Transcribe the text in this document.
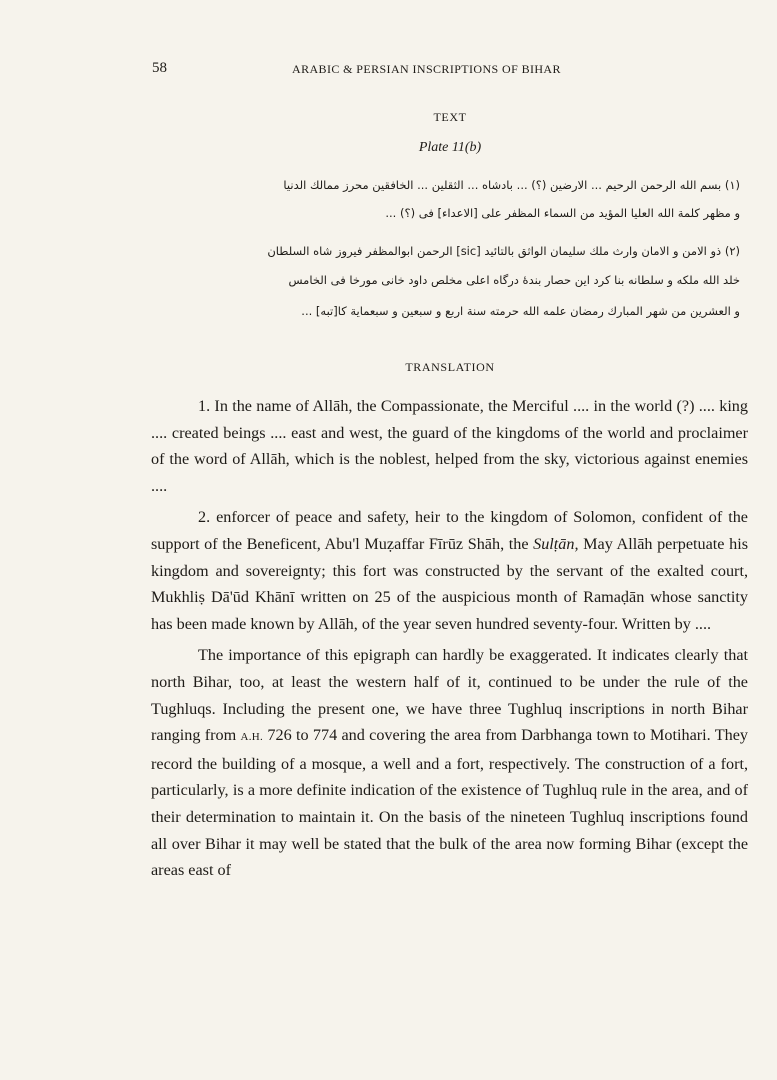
58	ARABIC & PERSIAN INSCRIPTIONS OF BIHAR
TEXT
Plate 11(b)
(١) بسم الله الرحمن الرحيم ... الارضين (؟) ... بادشاه ... الثقلين ... الخافقين محرز ممالك الدنيا
و مظهر كلمة الله العليا المؤيد من السماء المظفر على [الاعداء] فى (؟) ...
(٢) ذو الامن و الامان وارث ملك سليمان الواثق بالتائيد [sic] الرحمن ابوالمظفر فيروز شاه السلطان
خلد الله ملكه و سلطانه بنا كرد اين حصار بندهٔ درگاه اعلى مخلص داود خانى مورخا فى الخامس
و العشرين من شهر المبارك رمضان علمه الله حرمته سنة اربع و سبعين و سبعماية كا[تبه] ...
TRANSLATION

1. In the name of Allāh, the Compassionate, the Merciful .... in the world (?) .... king .... created beings .... east and west, the guard of the kingdoms of the world and proclaimer of the word of Allāh, which is the noblest, helped from the sky, victorious against enemies ....

2. enforcer of peace and safety, heir to the kingdom of Solomon, confident of the support of the Beneficent, Abu'l Muẓaffar Fīrūz Shāh, the Sulṭān, May Allāh perpetuate his kingdom and sovereignty; this fort was constructed by the servant of the exalted court, Mukhliṣ Dā'ūd Khānī written on 25 of the auspicious month of Ramaḍān whose sanctity has been made known by Allāh, of the year seven hundred seventy-four. Written by ....

The importance of this epigraph can hardly be exaggerated. It indicates clearly that north Bihar, too, at least the western half of it, continued to be under the rule of the Tughluqs. Including the present one, we have three Tughluq inscriptions in north Bihar ranging from A.H. 726 to 774 and covering the area from Darbhanga town to Motihari. They record the building of a mosque, a well and a fort, respectively. The construction of a fort, particularly, is a more definite indication of the existence of Tughluq rule in the area, and of their determination to maintain it. On the basis of the nineteen Tughluq inscriptions found all over Bihar it may well be stated that the bulk of the area now forming Bihar (except the areas east of
